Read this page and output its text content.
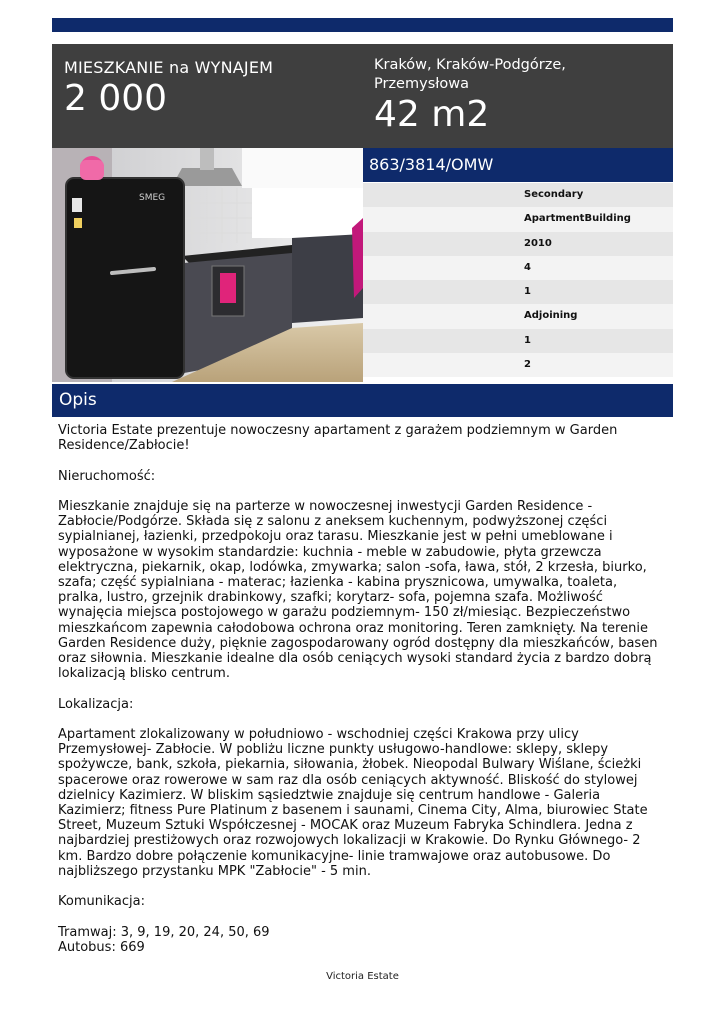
MIESZKANIE na WYNAJEM
2 000
Kraków, Kraków-Podgórze, Przemysłowa
42 m2
SMEG
863/3814/OMW
Secondary
ApartmentBuilding
2010
4
1
Adjoining
1
2
Opis

Victoria Estate prezentuje nowoczesny apartament z garażem podziemnym w Garden Residence/Zabłocie!

Nieruchomość:

Mieszkanie znajduje się na parterze w nowoczesnej inwestycji Garden Residence - Zabłocie/Podgórze. Składa się z salonu z aneksem kuchennym, podwyższonej części sypialnianej, łazienki, przedpokoju oraz tarasu. Mieszkanie jest w pełni umeblowane i wyposażone w wysokim standardzie: kuchnia - meble w zabudowie, płyta grzewcza elektryczna, piekarnik, okap, lodówka, zmywarka; salon -sofa, ława, stół, 2 krzesła, biurko, szafa; część sypialniana - materac; łazienka - kabina prysznicowa, umywalka, toaleta, pralka, lustro, grzejnik drabinkowy, szafki; korytarz- sofa, pojemna szafa. Możliwość wynajęcia miejsca postojowego w garażu podziemnym- 150 zł/miesiąc. Bezpieczeństwo mieszkańcom zapewnia całodobowa ochrona oraz monitoring. Teren zamknięty. Na terenie Garden Residence duży, pięknie zagospodarowany ogród dostępny dla mieszkańców, basen oraz siłownia. Mieszkanie idealne dla osób ceniących wysoki standard życia z bardzo dobrą lokalizacją blisko centrum.

Lokalizacja:

Apartament zlokalizowany w południowo - wschodniej części Krakowa przy ulicy Przemysłowej- Zabłocie. W pobliżu liczne punkty usługowo-handlowe: sklepy, sklepy spożywcze, bank, szkoła, piekarnia, siłowania, żłobek. Nieopodal Bulwary Wiślane, ścieżki spacerowe oraz rowerowe w sam raz dla osób ceniących aktywność. Bliskość do stylowej dzielnicy Kazimierz. W bliskim sąsiedztwie znajduje się centrum handlowe - Galeria Kazimierz; fitness Pure Platinum z basenem i saunami, Cinema City, Alma, biurowiec State Street, Muzeum Sztuki Współczesnej - MOCAK oraz Muzeum Fabryka Schindlera. Jedna z najbardziej prestiżowych oraz rozwojowych lokalizacji w Krakowie. Do Rynku Głównego- 2 km. Bardzo dobre połączenie komunikacyjne- linie tramwajowe oraz autobusowe. Do najbliższego przystanku MPK "Zabłocie" - 5 min.

Komunikacja:

Tramwaj: 3, 9, 19, 20, 24, 50, 69
Autobus: 669

Victoria Estate
